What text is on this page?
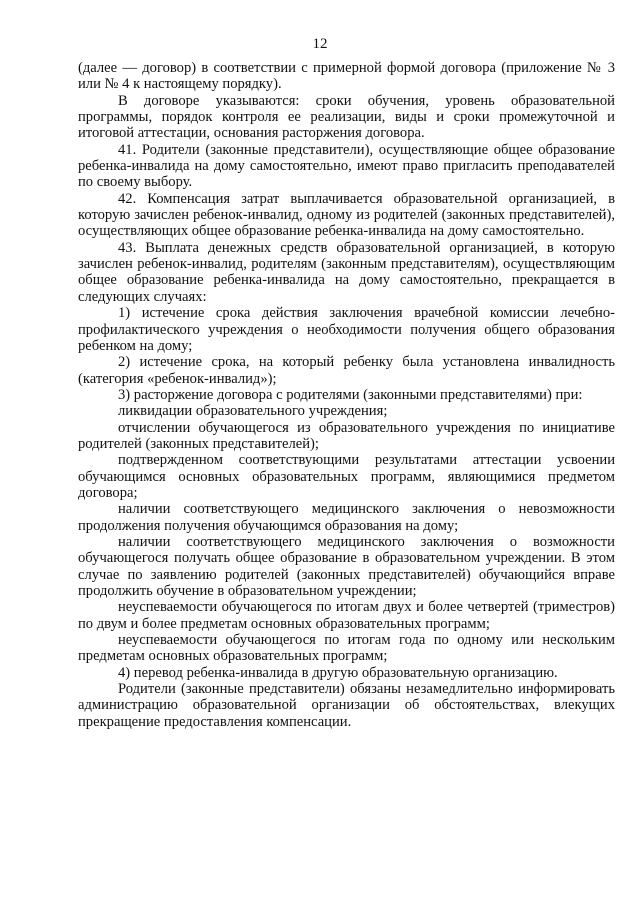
12

(далее — договор) в соответствии с примерной формой договора (приложение № 3 или № 4 к настоящему порядку).

В договоре указываются: сроки обучения, уровень образовательной программы, порядок контроля ее реализации, виды и сроки промежуточной и итоговой аттестации, основания расторжения договора.

41. Родители (законные представители), осуществляющие общее образование ребенка-инвалида на дому самостоятельно, имеют право пригласить преподавателей по своему выбору.

42. Компенсация затрат выплачивается образовательной организацией, в которую зачислен ребенок-инвалид, одному из родителей (законных представителей), осуществляющих общее образование ребенка-инвалида на дому самостоятельно.

43. Выплата денежных средств образовательной организацией, в которую зачислен ребенок-инвалид, родителям (законным представителям), осуществляющим общее образование ребенка-инвалида на дому самостоятельно, прекращается в следующих случаях:

1) истечение срока действия заключения врачебной комиссии лечебно-профилактического учреждения о необходимости получения общего образования ребенком на дому;

2) истечение срока, на который ребенку была установлена инвалидность (категория «ребенок-инвалид»);

3) расторжение договора с родителями (законными представителями) при:

ликвидации образовательного учреждения;

отчислении обучающегося из образовательного учреждения по инициативе родителей (законных представителей);

подтвержденном соответствующими результатами аттестации усвоении обучающимся основных образовательных программ, являющимися предметом договора;

наличии соответствующего медицинского заключения о невозможности продолжения получения обучающимся образования на дому;

наличии соответствующего медицинского заключения о возможности обучающегося получать общее образование в образовательном учреждении. В этом случае по заявлению родителей (законных представителей) обучающийся вправе продолжить обучение в образовательном учреждении;

неуспеваемости обучающегося по итогам двух и более четвертей (триместров) по двум и более предметам основных образовательных программ;

неуспеваемости обучающегося по итогам года по одному или нескольким предметам основных образовательных программ;

4) перевод ребенка-инвалида в другую образовательную организацию.

Родители (законные представители) обязаны незамедлительно информировать администрацию образовательной организации об обстоятельствах, влекущих прекращение предоставления компенсации.
